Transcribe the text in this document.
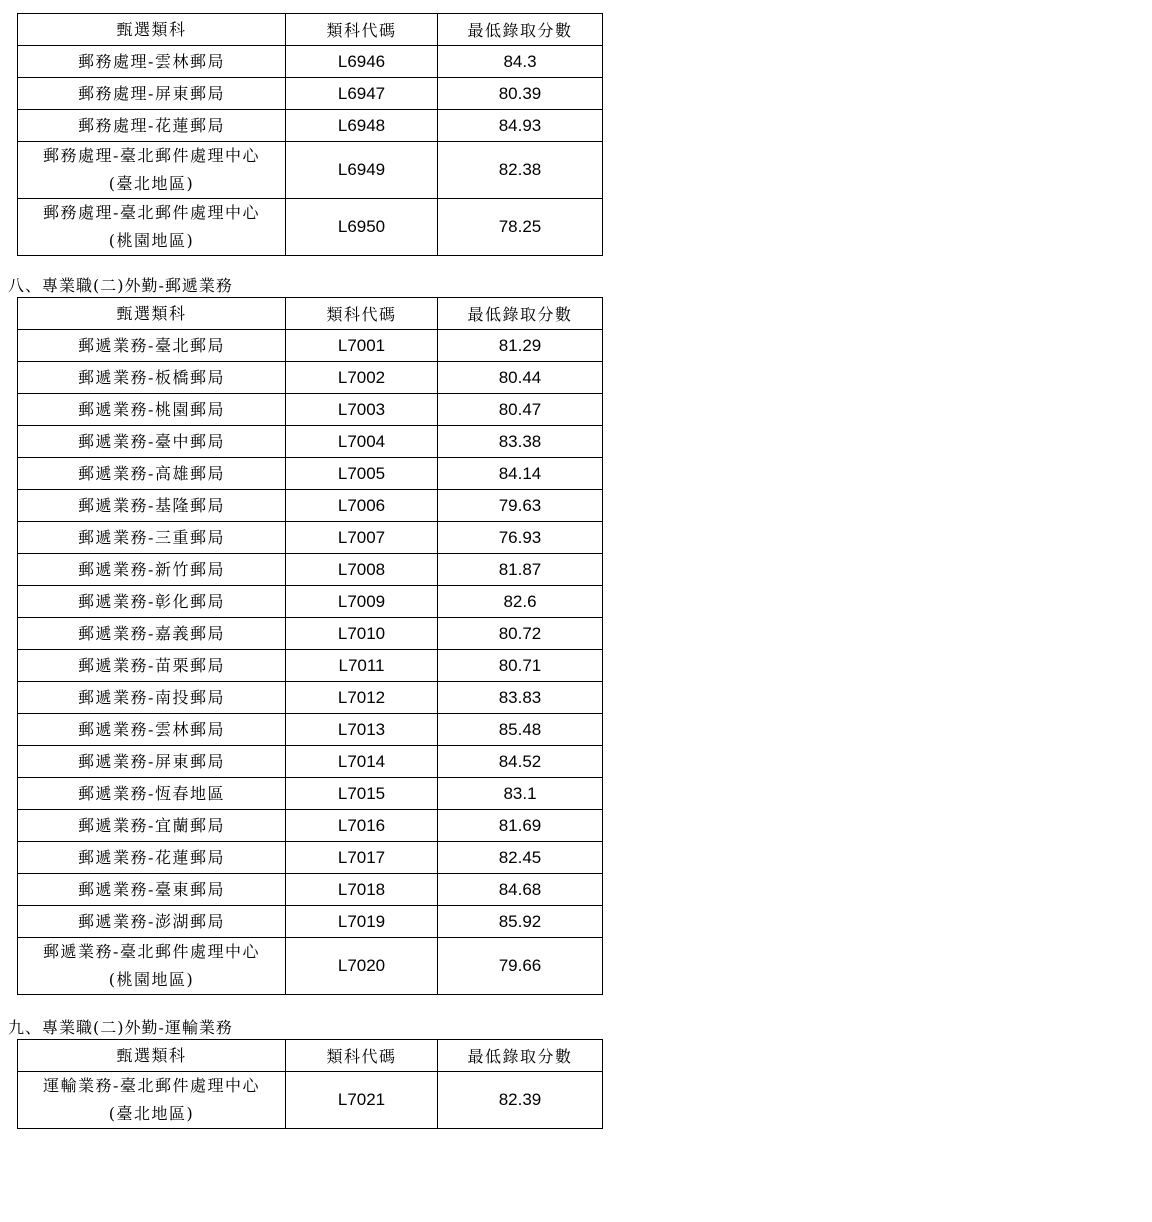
甄選類科	類科代碼	最低錄取分數

郵務處理-雲林郵局	L6946	84.3

郵務處理-屏東郵局	L6947	80.39

郵務處理-花蓮郵局	L6948	84.93

郵務處理-臺北郵件處理中心
(臺北地區)	L6949	82.38

郵務處理-臺北郵件處理中心
(桃園地區)	L6950	78.25
八、專業職(二)外勤-郵遞業務
甄選類科	類科代碼	最低錄取分數

郵遞業務-臺北郵局	L7001	81.29

郵遞業務-板橋郵局	L7002	80.44

郵遞業務-桃園郵局	L7003	80.47

郵遞業務-臺中郵局	L7004	83.38

郵遞業務-高雄郵局	L7005	84.14

郵遞業務-基隆郵局	L7006	79.63

郵遞業務-三重郵局	L7007	76.93

郵遞業務-新竹郵局	L7008	81.87

郵遞業務-彰化郵局	L7009	82.6

郵遞業務-嘉義郵局	L7010	80.72

郵遞業務-苗栗郵局	L7011	80.71

郵遞業務-南投郵局	L7012	83.83

郵遞業務-雲林郵局	L7013	85.48

郵遞業務-屏東郵局	L7014	84.52

郵遞業務-恆春地區	L7015	83.1

郵遞業務-宜蘭郵局	L7016	81.69

郵遞業務-花蓮郵局	L7017	82.45

郵遞業務-臺東郵局	L7018	84.68

郵遞業務-澎湖郵局	L7019	85.92

郵遞業務-臺北郵件處理中心
(桃園地區)	L7020	79.66
九、專業職(二)外勤-運輸業務
甄選類科	類科代碼	最低錄取分數

運輸業務-臺北郵件處理中心
(臺北地區)	L7021	82.39
